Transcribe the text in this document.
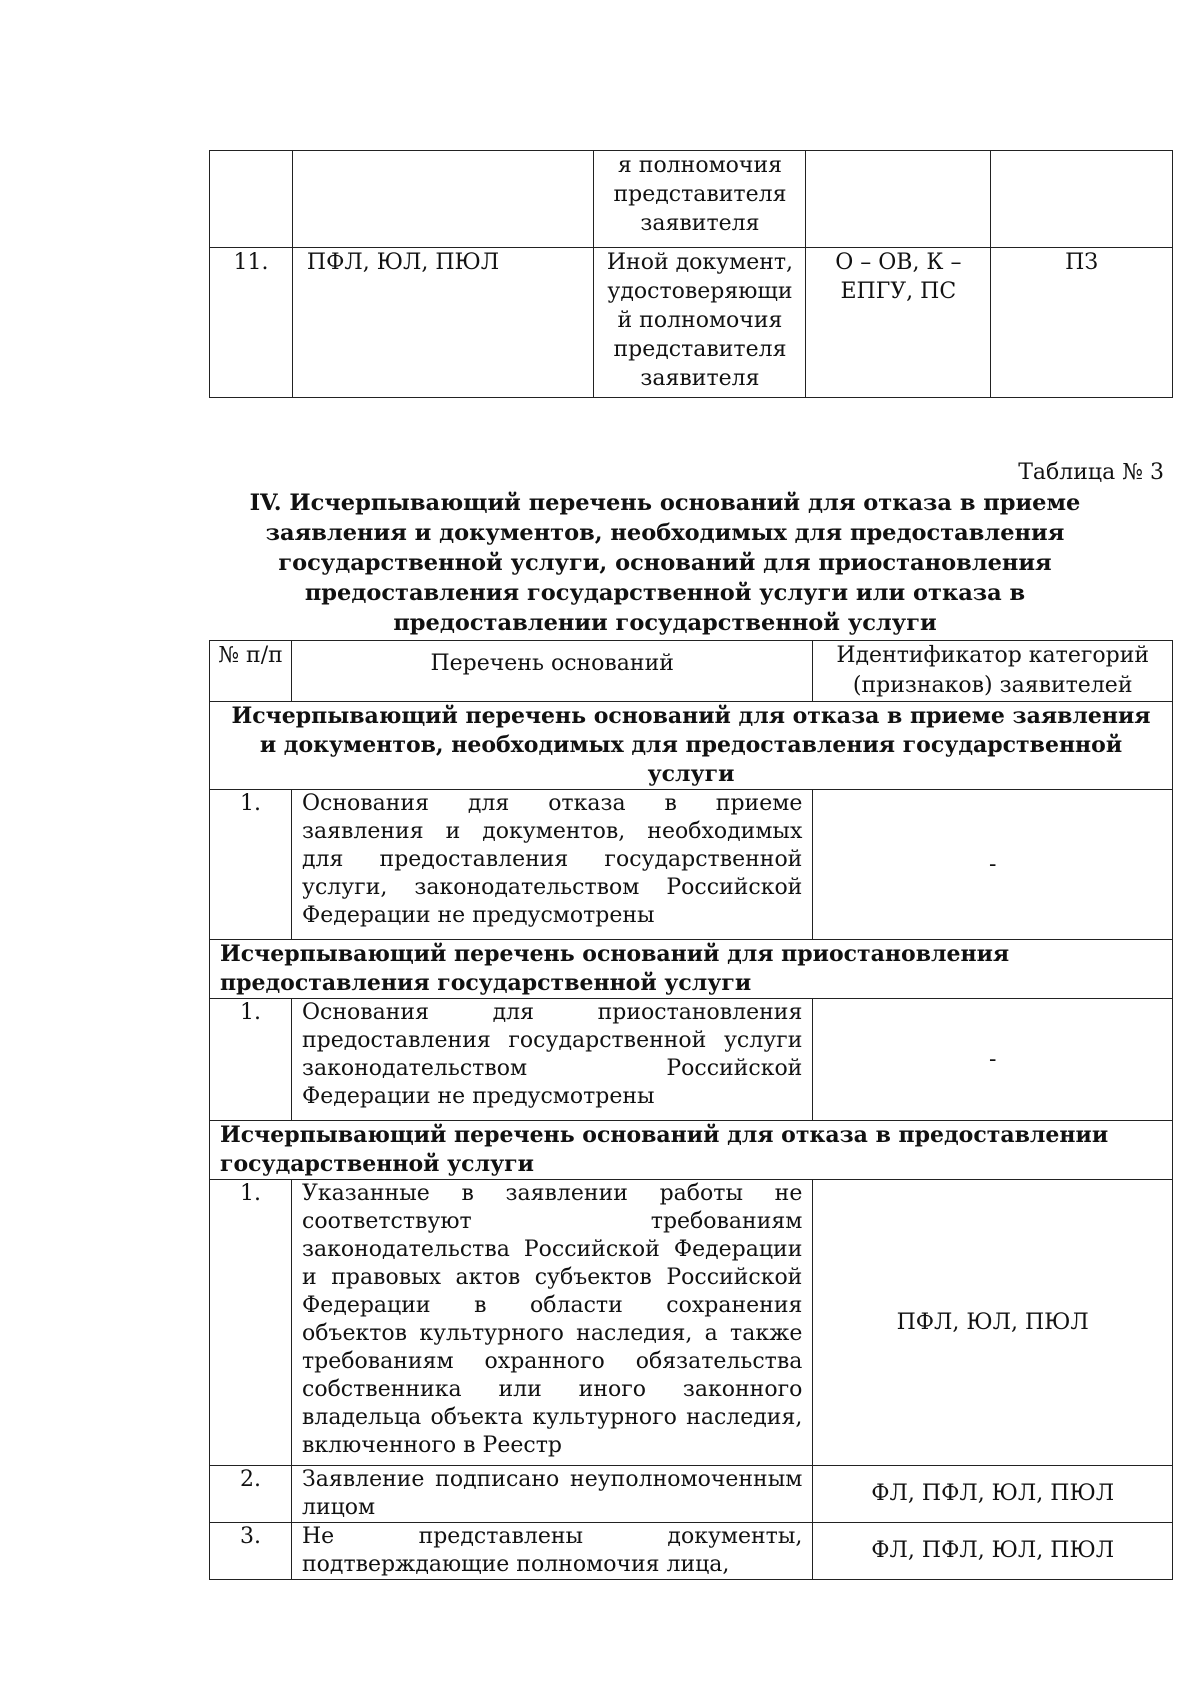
		я полномочия представителя заявителя		
11.	ПФЛ, ЮЛ, ПЮЛ	Иной документ, удостоверяющи й полномочия представителя заявителя	О – ОВ, К – ЕПГУ, ПС	ПЗ
Таблица № 3
IV. Исчерпывающий перечень оснований для отказа в приеме заявления и документов, необходимых для предоставления государственной услуги, оснований для приостановления предоставления государственной услуги или отказа в предоставлении государственной услуги
№ п/п	Перечень оснований	Идентификатор категорий (признаков) заявителей
Исчерпывающий перечень оснований для отказа в приеме заявления и документов, необходимых для предоставления государственной услуги		
1.	Основания для отказа в приеме заявления и документов, необходимых для предоставления государственной услуги, законодательством Российской Федерации не предусмотрены	-
Исчерпывающий перечень оснований для приостановления предоставления государственной услуги		
1.	Основания для приостановления предоставления государственной услуги законодательством Российской Федерации не предусмотрены	-
Исчерпывающий перечень оснований для отказа в предоставлении государственной услуги		
1.	Указанные в заявлении работы не соответствуют требованиям законодательства Российской Федерации и правовых актов субъектов Российской Федерации в области сохранения объектов культурного наследия, а также требованиям охранного обязательства собственника или иного законного владельца объекта культурного наследия, включенного в Реестр	ПФЛ, ЮЛ, ПЮЛ
2.	Заявление подписано неуполномоченным лицом	ФЛ, ПФЛ, ЮЛ, ПЮЛ
3.	Не представлены документы, подтверждающие полномочия лица,	ФЛ, ПФЛ, ЮЛ, ПЮЛ
